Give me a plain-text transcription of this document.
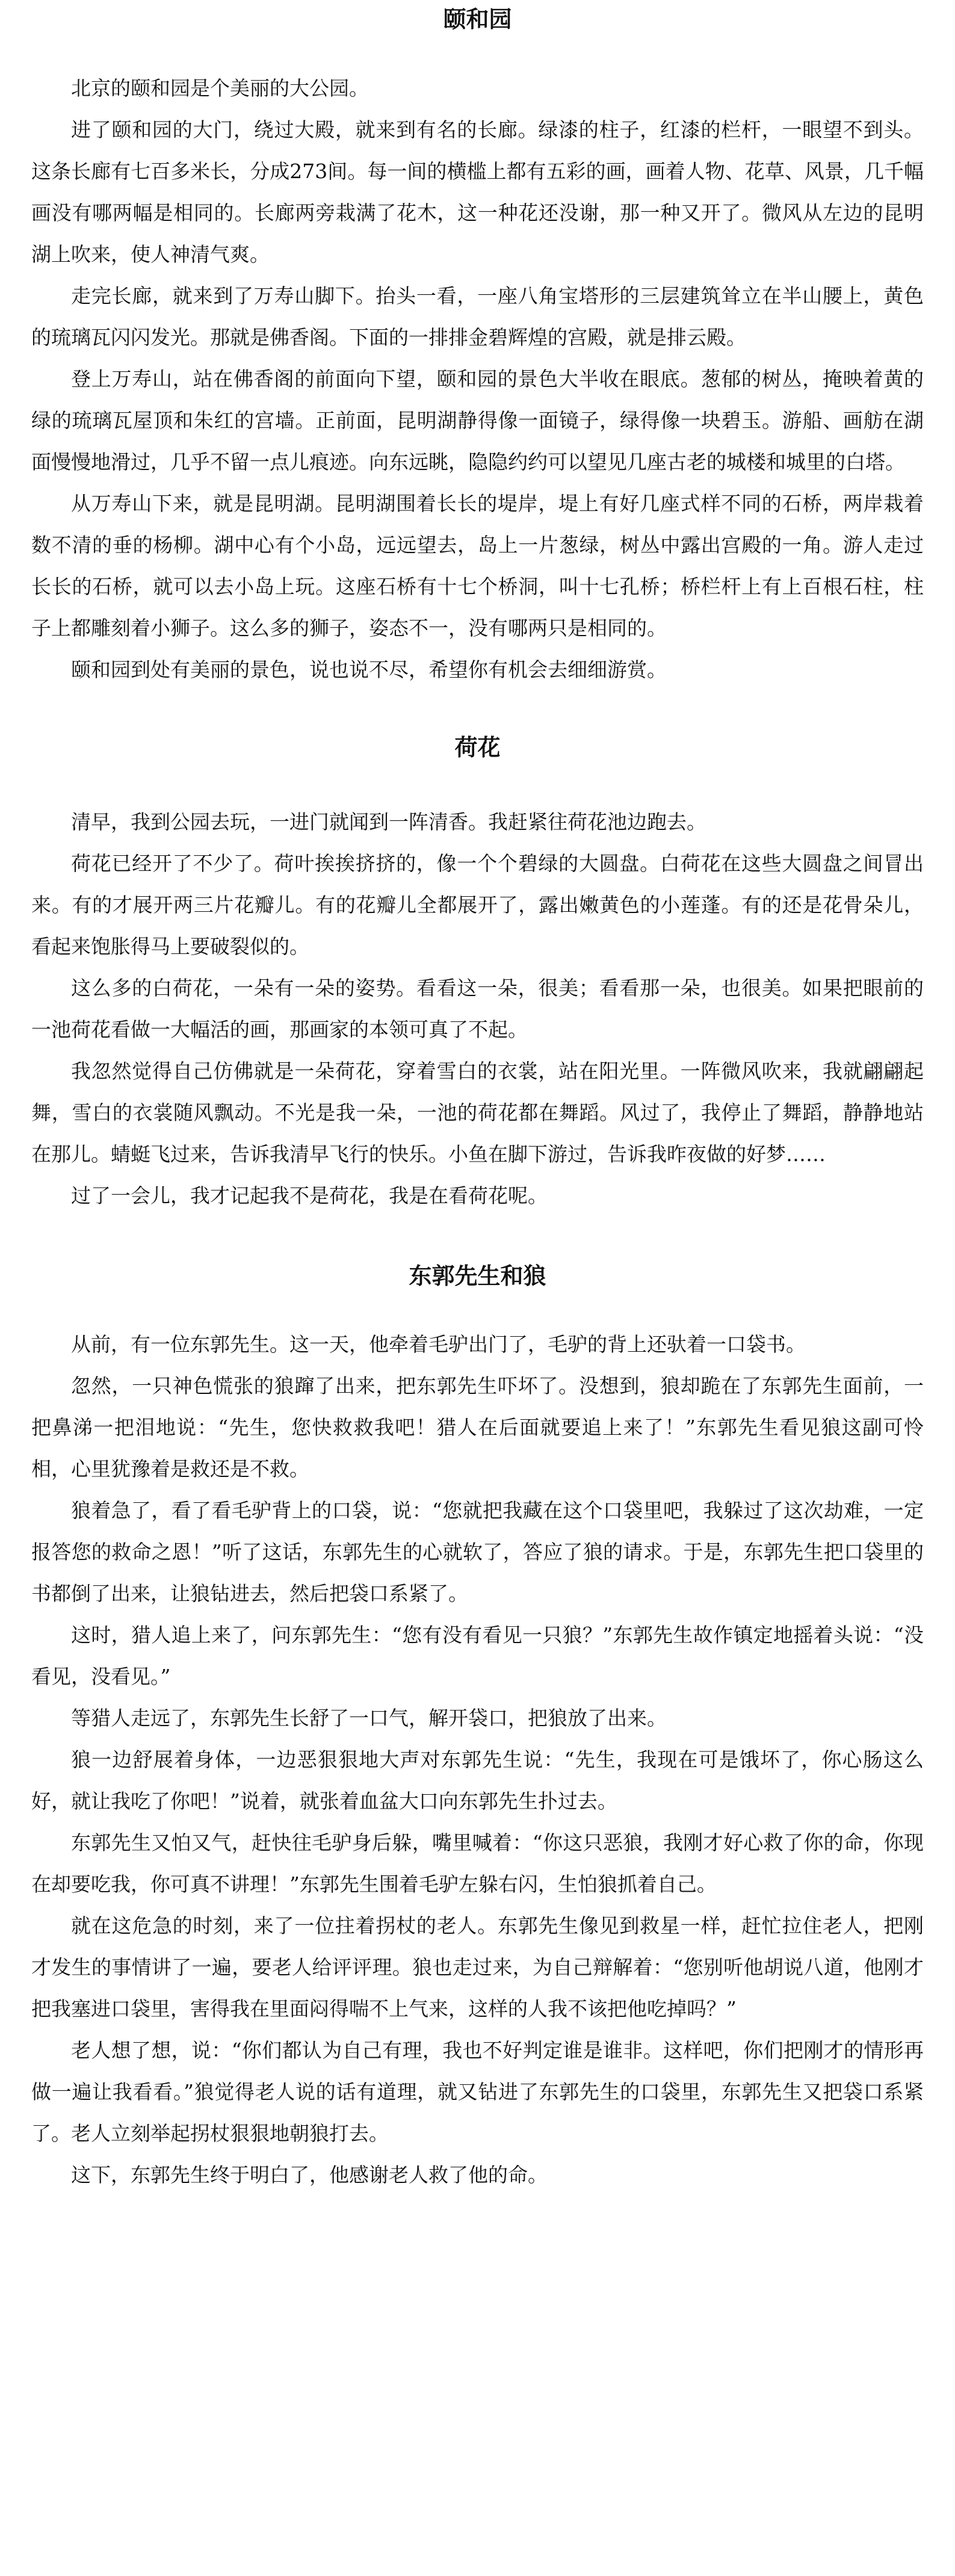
颐和园

北京的颐和园是个美丽的大公园。

进了颐和园的大门，绕过大殿，就来到有名的长廊。绿漆的柱子，红漆的栏杆，一眼望不到头。这条长廊有七百多米长，分成273间。每一间的横槛上都有五彩的画，画着人物、花草、风景，几千幅画没有哪两幅是相同的。长廊两旁栽满了花木，这一种花还没谢，那一种又开了。微风从左边的昆明湖上吹来，使人神清气爽。

走完长廊，就来到了万寿山脚下。抬头一看，一座八角宝塔形的三层建筑耸立在半山腰上，黄色的琉璃瓦闪闪发光。那就是佛香阁。下面的一排排金碧辉煌的宫殿，就是排云殿。

登上万寿山，站在佛香阁的前面向下望，颐和园的景色大半收在眼底。葱郁的树丛，掩映着黄的绿的琉璃瓦屋顶和朱红的宫墙。正前面，昆明湖静得像一面镜子，绿得像一块碧玉。游船、画舫在湖面慢慢地滑过，几乎不留一点儿痕迹。向东远眺，隐隐约约可以望见几座古老的城楼和城里的白塔。

从万寿山下来，就是昆明湖。昆明湖围着长长的堤岸，堤上有好几座式样不同的石桥，两岸栽着数不清的垂的杨柳。湖中心有个小岛，远远望去，岛上一片葱绿，树丛中露出宫殿的一角。游人走过长长的石桥，就可以去小岛上玩。这座石桥有十七个桥洞，叫十七孔桥；桥栏杆上有上百根石柱，柱子上都雕刻着小狮子。这么多的狮子，姿态不一，没有哪两只是相同的。

颐和园到处有美丽的景色，说也说不尽，希望你有机会去细细游赏。

荷花

清早，我到公园去玩，一进门就闻到一阵清香。我赶紧往荷花池边跑去。

荷花已经开了不少了。荷叶挨挨挤挤的，像一个个碧绿的大圆盘。白荷花在这些大圆盘之间冒出来。有的才展开两三片花瓣儿。有的花瓣儿全都展开了，露出嫩黄色的小莲蓬。有的还是花骨朵儿，看起来饱胀得马上要破裂似的。

这么多的白荷花，一朵有一朵的姿势。看看这一朵，很美；看看那一朵，也很美。如果把眼前的一池荷花看做一大幅活的画，那画家的本领可真了不起。

我忽然觉得自己仿佛就是一朵荷花，穿着雪白的衣裳，站在阳光里。一阵微风吹来，我就翩翩起舞，雪白的衣裳随风飘动。不光是我一朵，一池的荷花都在舞蹈。风过了，我停止了舞蹈，静静地站在那儿。蜻蜓飞过来，告诉我清早飞行的快乐。小鱼在脚下游过，告诉我昨夜做的好梦……

过了一会儿，我才记起我不是荷花，我是在看荷花呢。

东郭先生和狼

从前，有一位东郭先生。这一天，他牵着毛驴出门了，毛驴的背上还驮着一口袋书。

忽然，一只神色慌张的狼蹿了出来，把东郭先生吓坏了。没想到，狼却跪在了东郭先生面前，一把鼻涕一把泪地说：“先生，您快救救我吧！猎人在后面就要追上来了！”东郭先生看见狼这副可怜相，心里犹豫着是救还是不救。

狼着急了，看了看毛驴背上的口袋，说：“您就把我藏在这个口袋里吧，我躲过了这次劫难，一定报答您的救命之恩！”听了这话，东郭先生的心就软了，答应了狼的请求。于是，东郭先生把口袋里的书都倒了出来，让狼钻进去，然后把袋口系紧了。

这时，猎人追上来了，问东郭先生：“您有没有看见一只狼？”东郭先生故作镇定地摇着头说：“没看见，没看见。”

等猎人走远了，东郭先生长舒了一口气，解开袋口，把狼放了出来。

狼一边舒展着身体，一边恶狠狠地大声对东郭先生说：“先生，我现在可是饿坏了，你心肠这么好，就让我吃了你吧！”说着，就张着血盆大口向东郭先生扑过去。

东郭先生又怕又气，赶快往毛驴身后躲，嘴里喊着：“你这只恶狼，我刚才好心救了你的命，你现在却要吃我，你可真不讲理！”东郭先生围着毛驴左躲右闪，生怕狼抓着自己。

就在这危急的时刻，来了一位拄着拐杖的老人。东郭先生像见到救星一样，赶忙拉住老人，把刚才发生的事情讲了一遍，要老人给评评理。狼也走过来，为自己辩解着：“您别听他胡说八道，他刚才把我塞进口袋里，害得我在里面闷得喘不上气来，这样的人我不该把他吃掉吗？”

老人想了想，说：“你们都认为自己有理，我也不好判定谁是谁非。这样吧，你们把刚才的情形再做一遍让我看看。”狼觉得老人说的话有道理，就又钻进了东郭先生的口袋里，东郭先生又把袋口系紧了。老人立刻举起拐杖狠狠地朝狼打去。

这下，东郭先生终于明白了，他感谢老人救了他的命。
